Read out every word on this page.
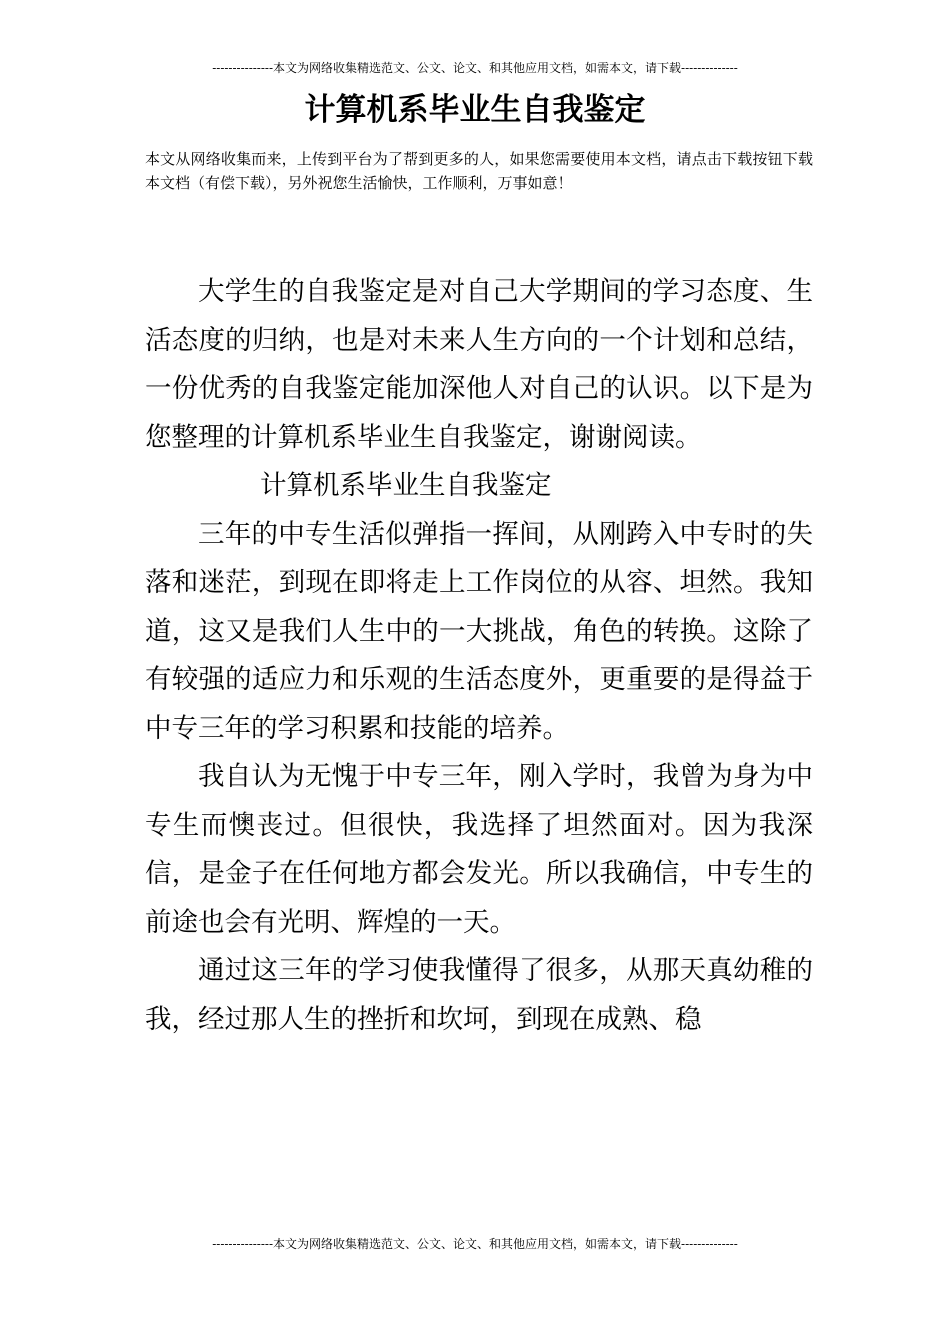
---------------本文为网络收集精选范文、公文、论文、和其他应用文档，如需本文，请下载--------------
计算机系毕业生自我鉴定
本文从网络收集而来，上传到平台为了帮到更多的人，如果您需要使用本文档，请点击下载按钮下载本文档（有偿下载），另外祝您生活愉快，工作顺利，万事如意！

大学生的自我鉴定是对自己大学期间的学习态度、生活态度的归纳，也是对未来人生方向的一个计划和总结，一份优秀的自我鉴定能加深他人对自己的认识。以下是为您整理的计算机系毕业生自我鉴定，谢谢阅读。

计算机系毕业生自我鉴定

三年的中专生活似弹指一挥间，从刚跨入中专时的失落和迷茫，到现在即将走上工作岗位的从容、坦然。我知道，这又是我们人生中的一大挑战，角色的转换。这除了有较强的适应力和乐观的生活态度外，更重要的是得益于中专三年的学习积累和技能的培养。

我自认为无愧于中专三年，刚入学时，我曾为身为中专生而懊丧过。但很快，我选择了坦然面对。因为我深信，是金子在任何地方都会发光。所以我确信，中专生的前途也会有光明、辉煌的一天。

通过这三年的学习使我懂得了很多，从那天真幼稚的我，经过那人生的挫折和坎坷，到现在成熟、稳

---------------本文为网络收集精选范文、公文、论文、和其他应用文档，如需本文，请下载--------------
